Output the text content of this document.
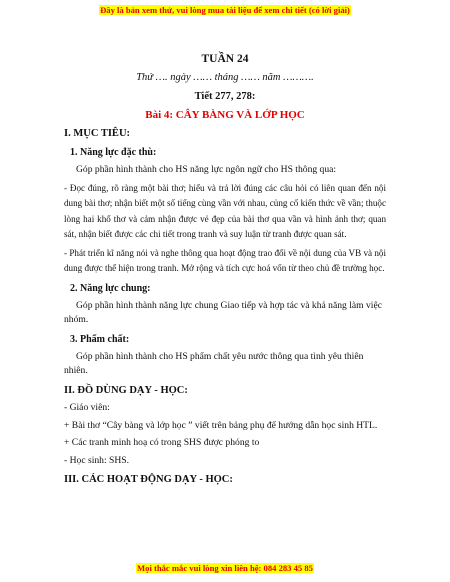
Đây là bản xem thử, vui lòng mua tài liệu để xem chi tiết (có lời giải)
TUẦN 24
Thứ …. ngày …… tháng …… năm ……….
Tiết 277, 278:
Bài 4: CÂY BÀNG VÀ LỚP HỌC
I. MỤC TIÊU:
1. Năng lực đặc thù:
Góp phần hình thành cho HS năng lực ngôn ngữ cho HS thông qua:
- Đọc đúng, rõ ràng một bài thơ; hiểu và trả lời đúng các câu hỏi có liên quan đến nội dung bài thơ; nhận biết một số tiếng cùng vần với nhau, củng cố kiến thức về vần; thuộc lòng hai khổ thơ và cảm nhận được vẻ đẹp của bài thơ qua vần và hình ảnh thơ; quan sát, nhận biết được các chi tiết trong tranh và suy luận từ tranh được quan sát.
- Phát triển kĩ năng nói và nghe thông qua hoạt động trao đổi về nội dung của VB và nội dung được thể hiện trong tranh. Mở rộng và tích cực hoá vốn từ theo chủ đề trường học.
2. Năng lực chung:
Góp phần hình thành năng lực chung Giao tiếp và hợp tác và khả năng làm việc nhóm.
3. Phẩm chất:
Góp phần hình thành cho HS phẩm chất yêu nước thông qua tình yêu thiên nhiên.
II. ĐỒ DÙNG DẠY - HỌC:
- Giáo viên:
+ Bài thơ “Cây bàng và lớp học ” viết trên bảng phụ để hướng dẫn học sinh HTL.
+ Các tranh minh hoạ có trong SHS được phóng to
- Học sinh: SHS.
III. CÁC HOẠT ĐỘNG DẠY - HỌC:
Mọi thắc mắc vui lòng xin liên hệ: 084 283 45 85
